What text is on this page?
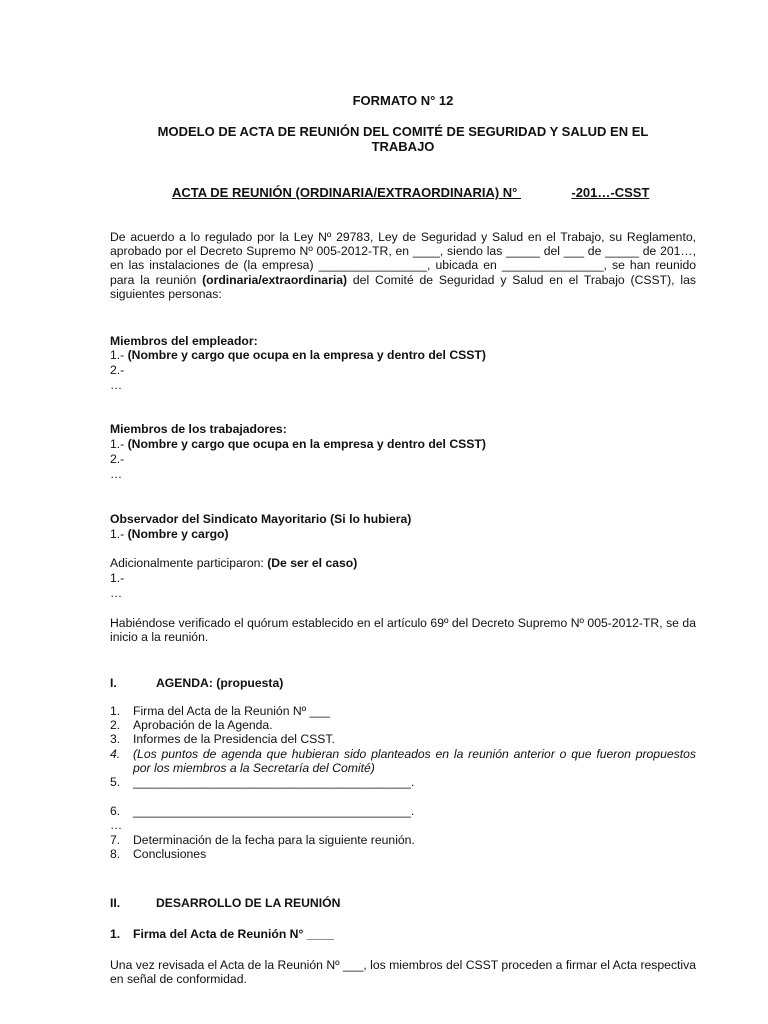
FORMATO N° 12
MODELO DE ACTA DE REUNIÓN DEL COMITÉ DE SEGURIDAD Y SALUD EN EL
TRABAJO
ACTA DE REUNIÓN (ORDINARIA/EXTRAORDINARIA) N°	-201…-CSST
De acuerdo a lo regulado por la Ley Nº 29783, Ley de Seguridad y Salud en el Trabajo, su Reglamento, aprobado por el Decreto Supremo Nº 005-2012-TR, en ____, siendo las _____ del ___ de _____ de 201…, en las instalaciones de (la empresa) ________________, ubicada en _______________, se han reunido para la reunión (ordinaria/extraordinaria) del Comité de Seguridad y Salud en el Trabajo (CSST), las siguientes personas:
Miembros del empleador:
1.- (Nombre y cargo que ocupa en la empresa y dentro del CSST)
2.-
…
Miembros de los trabajadores:
1.- (Nombre y cargo que ocupa en la empresa y dentro del CSST)
2.-
…
Observador del Sindicato Mayoritario (Si lo hubiera)
1.- (Nombre y cargo)
Adicionalmente participaron: (De ser el caso)
1.-
…
Habiéndose verificado el quórum establecido en el artículo 69º del Decreto Supremo Nº 005-2012-TR, se da inicio a la reunión.
I.	AGENDA: (propuesta)
1.	Firma del Acta de la Reunión Nº ___
2.	Aprobación de la Agenda.
3.	Informes de la Presidencia del CSST.
4.	(Los puntos de agenda que hubieran sido planteados en la reunión anterior o que fueron propuestos por los miembros a la Secretaría del Comité)
5.	_________________________________________.
6.	_________________________________________.
…
7.	Determinación de la fecha para la siguiente reunión.
8.	Conclusiones
II.	DESARROLLO DE LA REUNIÓN
1. Firma del Acta de Reunión N° ____
Una vez revisada el Acta de la Reunión Nº ___, los miembros del CSST proceden a firmar el Acta respectiva en señal de conformidad.
